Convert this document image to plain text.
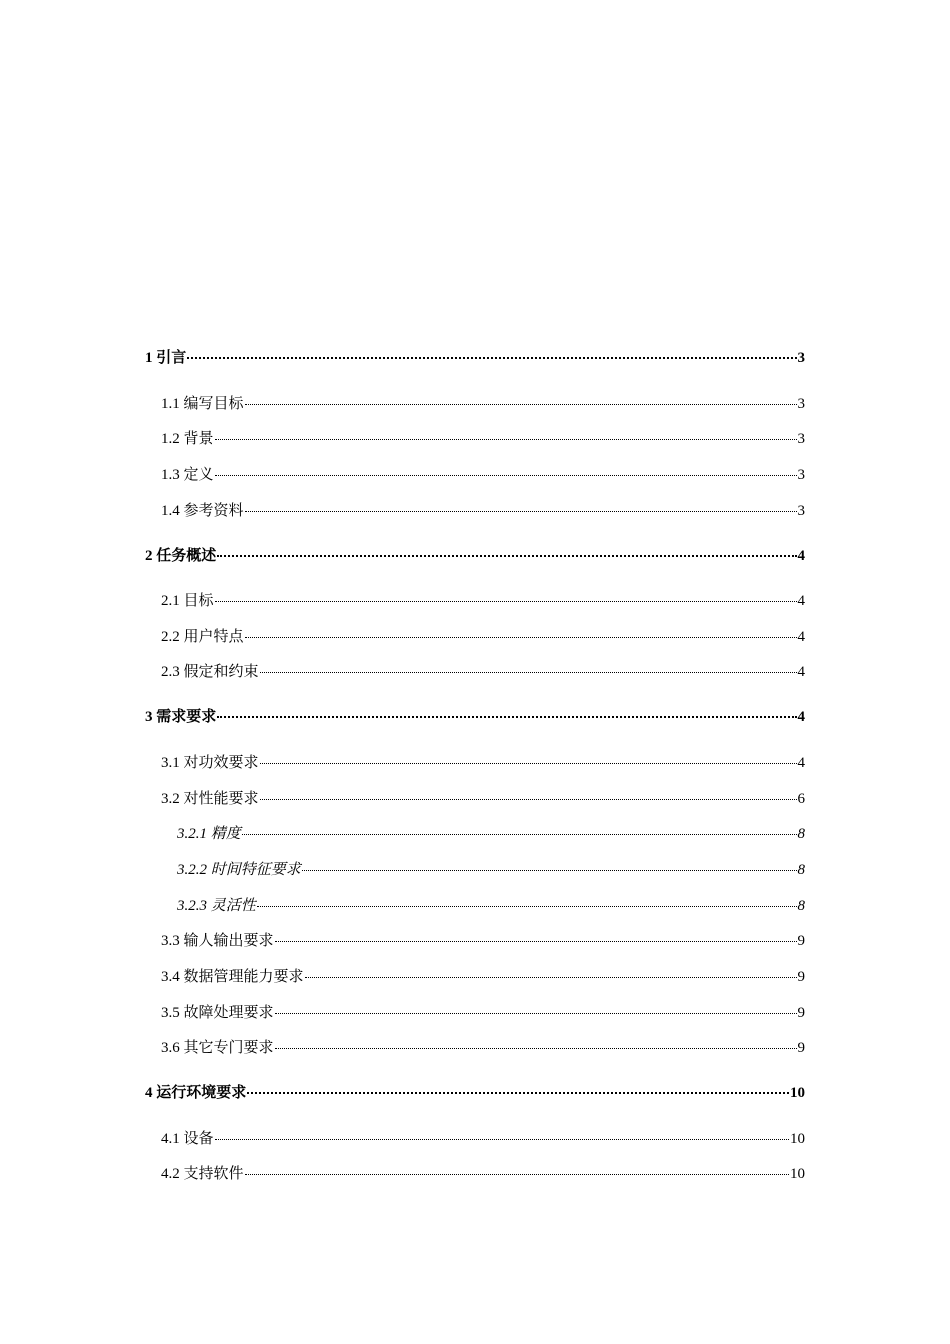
1 引言	3
1.1 编写目标	3
1.2 背景	3
1.3 定义	3
1.4 参考资料	3
2 任务概述	4
2.1 目标	4
2.2 用户特点	4
2.3 假定和约束	4
3 需求要求	4
3.1 对功效要求	4
3.2 对性能要求	6
3.2.1 精度	8
3.2.2 时间特征要求	8
3.2.3 灵活性	8
3.3 输人输出要求	9
3.4 数据管理能力要求	9
3.5 故障处理要求	9
3.6 其它专门要求	9
4 运行环境要求	10
4.1 设备	10
4.2 支持软件	10
